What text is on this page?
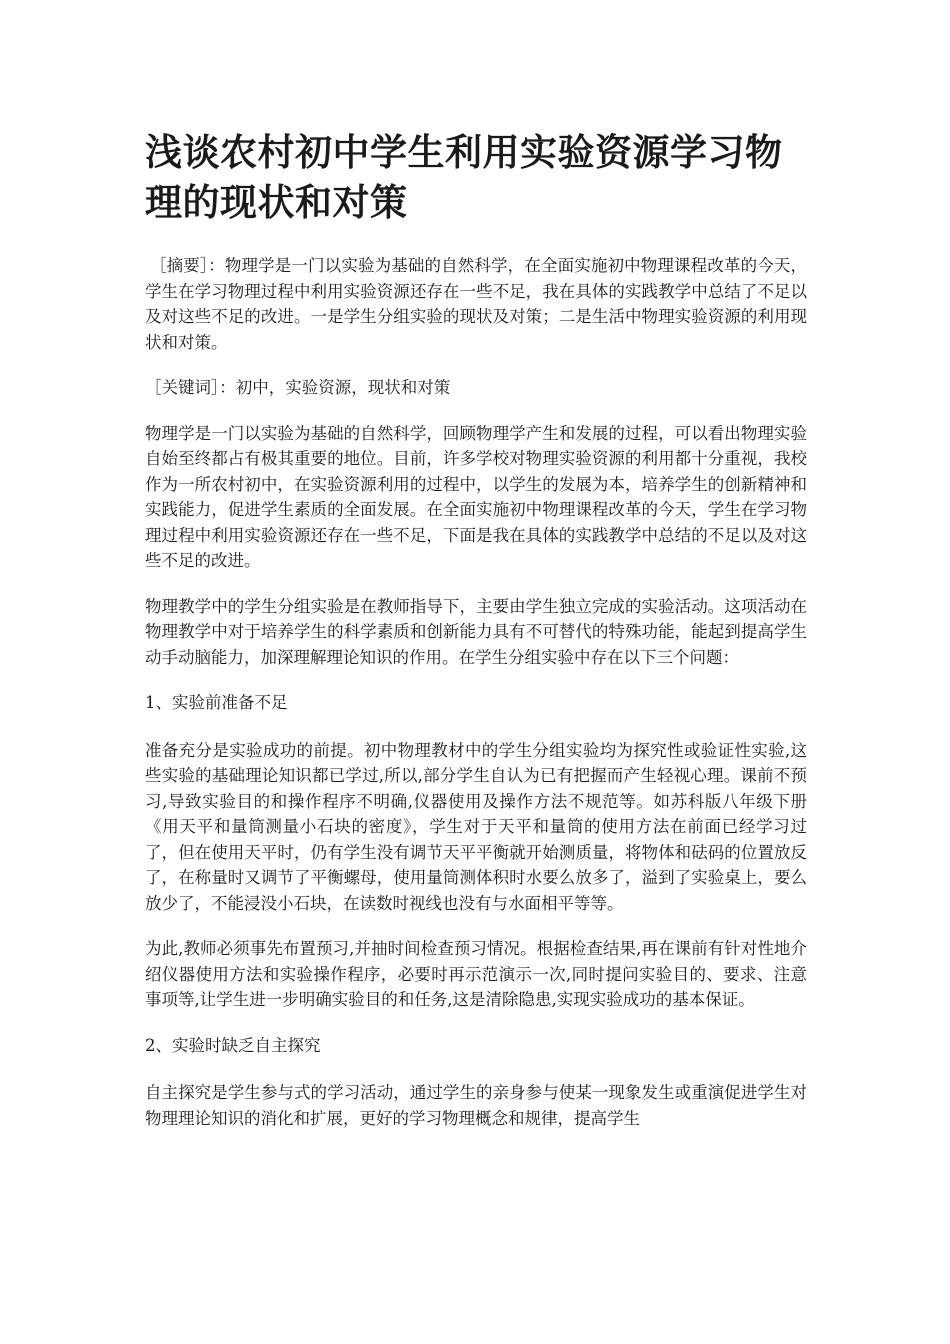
浅谈农村初中学生利用实验资源学习物理的现状和对策

［摘要］：物理学是一门以实验为基础的自然科学，在全面实施初中物理课程改革的今天，学生在学习物理过程中利用实验资源还存在一些不足，我在具体的实践教学中总结了不足以及对这些不足的改进。一是学生分组实验的现状及对策；二是生活中物理实验资源的利用现状和对策。

［关键词］：初中，实验资源，现状和对策

物理学是一门以实验为基础的自然科学，回顾物理学产生和发展的过程，可以看出物理实验自始至终都占有极其重要的地位。目前，许多学校对物理实验资源的利用都十分重视，我校作为一所农村初中，在实验资源利用的过程中，以学生的发展为本，培养学生的创新精神和实践能力，促进学生素质的全面发展。在全面实施初中物理课程改革的今天，学生在学习物理过程中利用实验资源还存在一些不足，下面是我在具体的实践教学中总结的不足以及对这些不足的改进。

物理教学中的学生分组实验是在教师指导下，主要由学生独立完成的实验活动。这项活动在物理教学中对于培养学生的科学素质和创新能力具有不可替代的特殊功能，能起到提高学生动手动脑能力，加深理解理论知识的作用。在学生分组实验中存在以下三个问题：

1、实验前准备不足

准备充分是实验成功的前提。初中物理教材中的学生分组实验均为探究性或验证性实验,这些实验的基础理论知识都已学过,所以,部分学生自认为已有把握而产生轻视心理。课前不预习,导致实验目的和操作程序不明确,仪器使用及操作方法不规范等。如苏科版八年级下册《用天平和量筒测量小石块的密度》，学生对于天平和量筒的使用方法在前面已经学习过了，但在使用天平时，仍有学生没有调节天平平衡就开始测质量，将物体和砝码的位置放反了，在称量时又调节了平衡螺母，使用量筒测体积时水要么放多了，溢到了实验桌上，要么放少了，不能浸没小石块，在读数时视线也没有与水面相平等等。

为此,教师必须事先布置预习,并抽时间检查预习情况。根据检查结果,再在课前有针对性地介绍仪器使用方法和实验操作程序，必要时再示范演示一次,同时提问实验目的、要求、注意事项等,让学生进一步明确实验目的和任务,这是清除隐患,实现实验成功的基本保证。

2、实验时缺乏自主探究

自主探究是学生参与式的学习活动，通过学生的亲身参与使某一现象发生或重演促进学生对物理理论知识的消化和扩展，更好的学习物理概念和规律，提高学生
